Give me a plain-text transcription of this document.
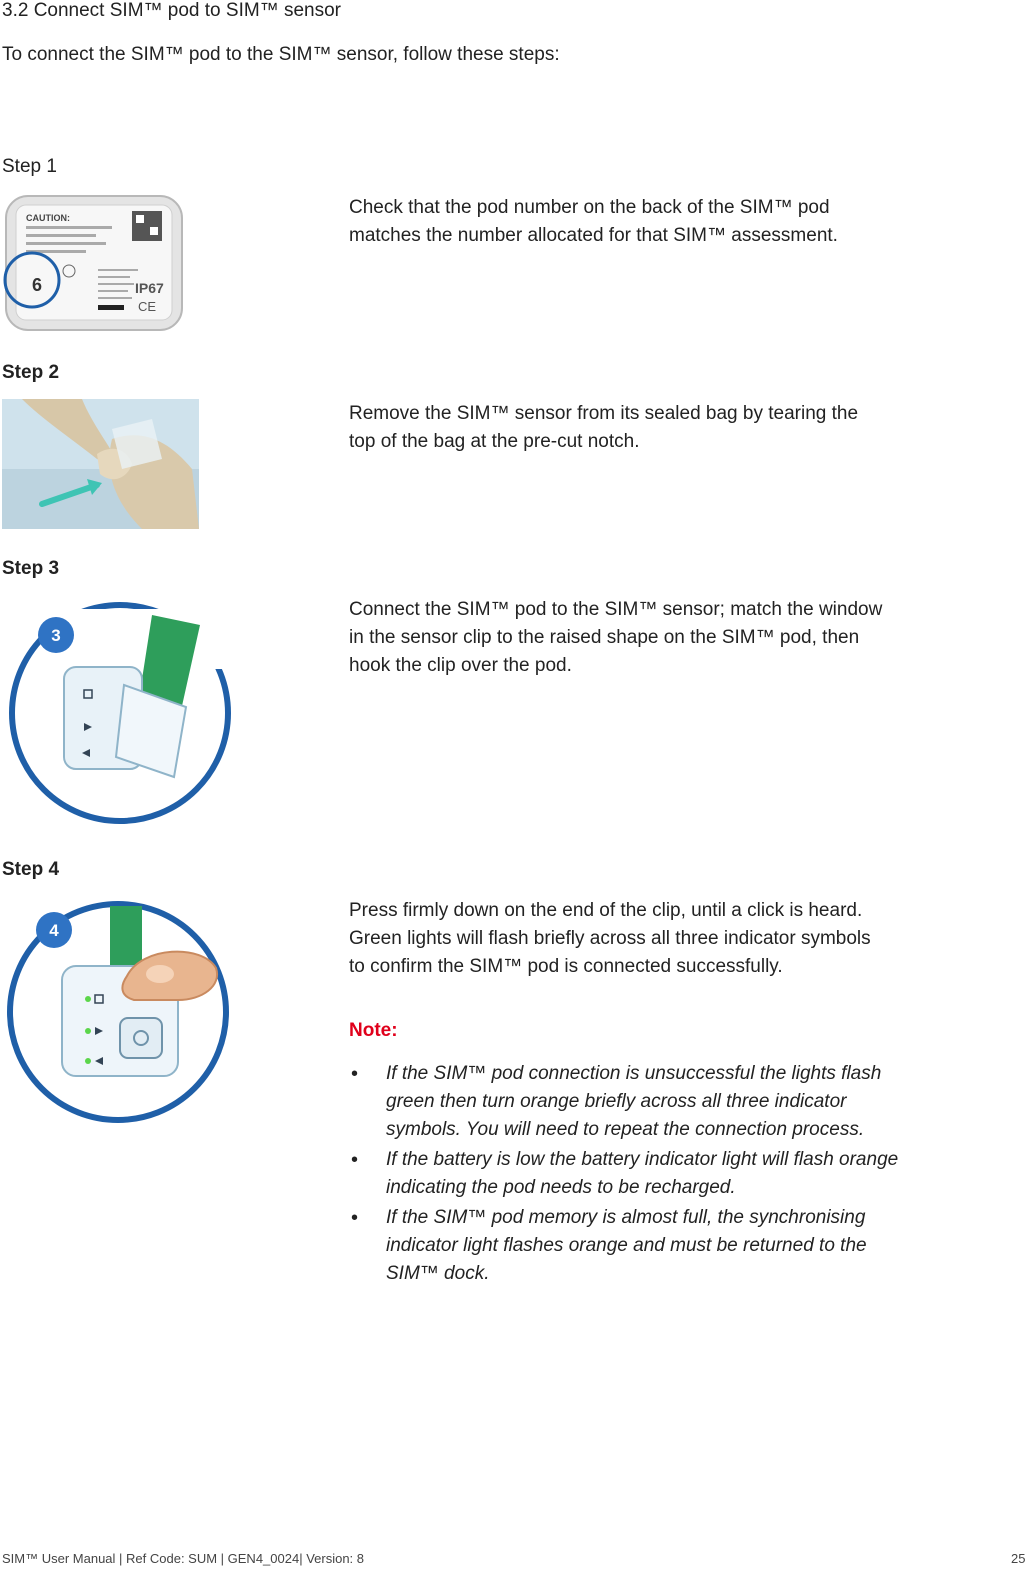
3.2 Connect SIM™ pod to SIM™ sensor
To connect the SIM™ pod to the SIM™ sensor, follow these steps:
Step 1
CAUTION:
IP67
CE
6
Check that the pod number on the back of the SIM™ pod matches the number allocated for that SIM™ assessment.
Step 2
Remove the SIM™ sensor from its sealed bag by tearing the top of the bag at the pre-cut notch.
Step 3
3
Connect the SIM™ pod to the SIM™ sensor; match the window in the sensor clip to the raised shape on the SIM™ pod, then hook the clip over the pod.
Step 4
4
Press firmly down on the end of the clip, until a click is heard. Green lights will flash briefly across all three indicator symbols to confirm the SIM™ pod is connected successfully.
Note:
• If the SIM™ pod connection is unsuccessful the lights flash green then turn orange briefly across all three indicator symbols. You will need to repeat the connection process.
• If the battery is low the battery indicator light will flash orange indicating the pod needs to be recharged.
• If the SIM™ pod memory is almost full, the synchronising indicator light flashes orange and must be returned to the SIM™ dock.
SIM™ User Manual | Ref Code: SUM | GEN4_0024| Version: 8	25
